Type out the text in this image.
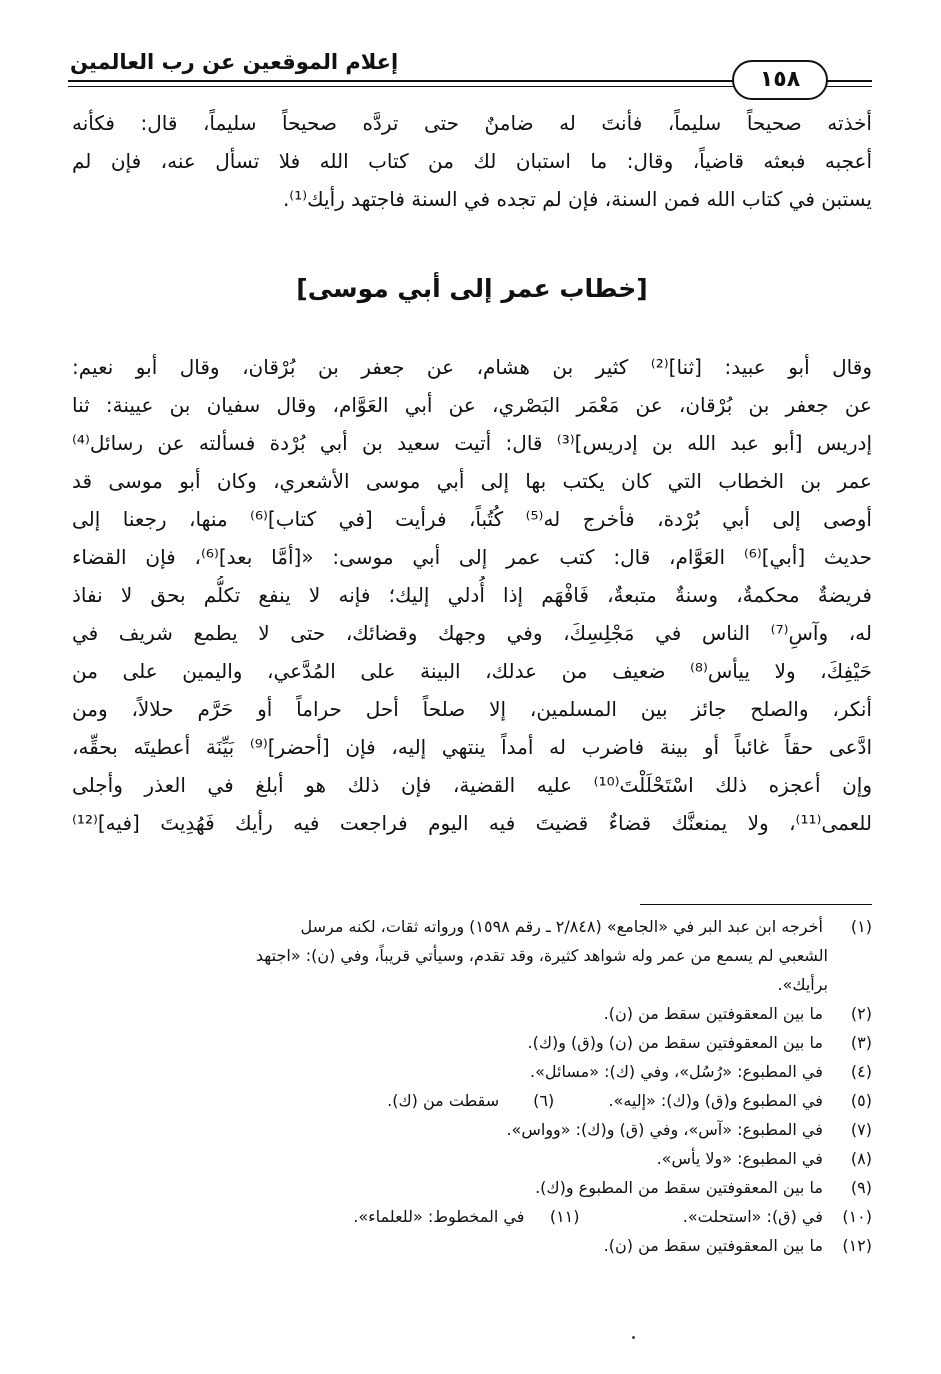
إعلام الموقعين عن رب العالمين
١٥٨
أخذته صحيحاً سليماً، فأنتَ له ضامنٌ حتى تردَّه صحيحاً سليماً، قال: فكأنه
أعجبه فبعثه قاضياً، وقال: ما استبان لك من كتاب الله فلا تسأل عنه، فإن لم
يستبن في كتاب الله فمن السنة، فإن لم تجده في السنة فاجتهد رأيك⁽¹⁾.
[خطاب عمر إلى أبي موسى]
وقال أبو عبيد: [ثنا]⁽²⁾ كثير بن هشام، عن جعفر بن بُرْقان، وقال أبو نعيم:
عن جعفر بن بُرْقان، عن مَعْمَر البَصْري، عن أبي العَوَّام، وقال سفيان بن عيينة: ثنا
إدريس [أبو عبد الله بن إدريس]⁽³⁾ قال: أتيت سعيد بن أبي بُرْدة فسألته عن رسائل⁽⁴⁾
عمر بن الخطاب التي كان يكتب بها إلى أبي موسى الأشعري، وكان أبو موسى قد
أوصى إلى أبي بُرْدة، فأخرج له⁽⁵⁾ كُتُباً، فرأيت [في كتاب]⁽⁶⁾ منها، رجعنا إلى
حديث [أبي]⁽⁶⁾ العَوَّام، قال: كتب عمر إلى أبي موسى: «[أمَّا بعد]⁽⁶⁾، فإن القضاء
فريضةٌ محكمةٌ، وسنةٌ متبعةٌ، فَافْهَم إذا أُدلي إليك؛ فإنه لا ينفع تكلُّم بحق لا نفاذ
له، وآسِ⁽⁷⁾ الناس في مَجْلِسِكَ، وفي وجهك وقضائك، حتى لا يطمع شريف في
حَيْفِكَ، ولا ييأس⁽⁸⁾ ضعيف من عدلك، البينة على المُدَّعي، واليمين على من
أنكر، والصلح جائز بين المسلمين، إلا صلحاً أحل حراماً أو حَرَّم حلالاً، ومن
ادَّعى حقاً غائباً أو بينة فاضرب له أمداً ينتهي إليه، فإن [أحضر]⁽⁹⁾ بَيِّنَة أعطيتَه بحقِّه،
وإن أعجزه ذلك اسْتَحْلَلْتَ⁽¹⁰⁾ عليه القضية، فإن ذلك هو أبلغ في العذر وأجلى
للعمى⁽¹¹⁾، ولا يمنعنَّك قضاءٌ قضيتَ فيه اليوم فراجعت فيه رأيك فَهُدِيتَ [فيه]⁽¹²⁾
(١) أخرجه ابن عبد البر في «الجامع» (٢/٨٤٨ ـ رقم ١٥٩٨) ورواته ثقات، لكنه مرسل
الشعبي لم يسمع من عمر وله شواهد كثيرة، وقد تقدم، وسيأتي قريباً، وفي (ن): «اجتهد
برأيك».
(٢) ما بين المعقوفتين سقط من (ن).
(٣) ما بين المعقوفتين سقط من (ن) و(ق) و(ك).
(٤) في المطبوع: «رُسُل»، وفي (ك): «مسائل».
(٥) في المطبوع و(ق) و(ك): «إليه».  (٦) سقطت من (ك).
(٧) في المطبوع: «آس»، وفي (ق) و(ك): «وواس».
(٨) في المطبوع: «ولا يأس».
(٩) ما بين المعقوفتين سقط من المطبوع و(ك).
(١٠) في (ق): «استحلت».   (١١) في المخطوط: «للعلماء».
(١٢) ما بين المعقوفتين سقط من (ن).
